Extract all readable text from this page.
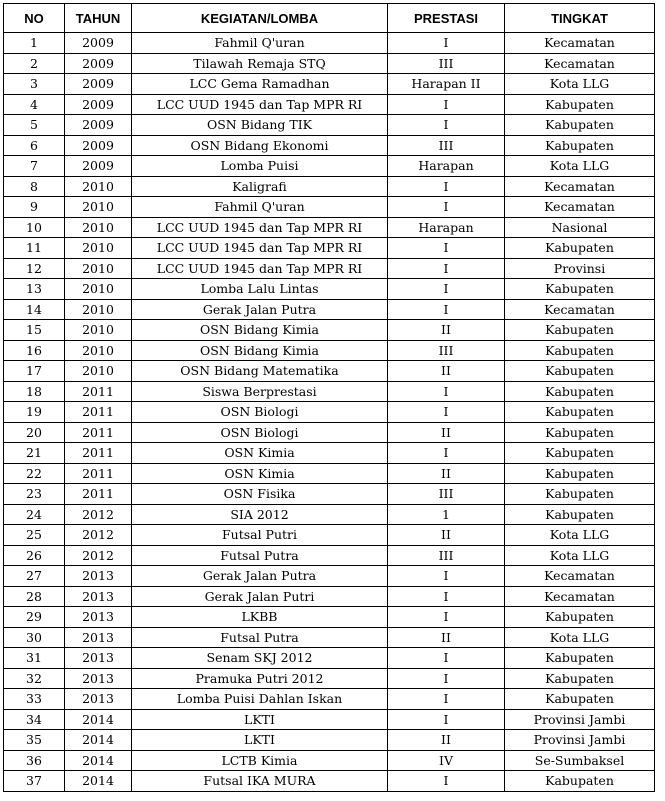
NO	TAHUN	KEGIATAN/LOMBA	PRESTASI	TINGKAT
1	2009	Fahmil Q'uran	I	Kecamatan
2	2009	Tilawah Remaja STQ	III	Kecamatan
3	2009	LCC Gema Ramadhan	Harapan II	Kota LLG
4	2009	LCC UUD 1945 dan Tap MPR RI	I	Kabupaten
5	2009	OSN Bidang TIK	I	Kabupaten
6	2009	OSN Bidang Ekonomi	III	Kabupaten
7	2009	Lomba Puisi	Harapan	Kota LLG
8	2010	Kaligrafi	I	Kecamatan
9	2010	Fahmil Q'uran	I	Kecamatan
10	2010	LCC UUD 1945 dan Tap MPR RI	Harapan	Nasional
11	2010	LCC UUD 1945 dan Tap MPR RI	I	Kabupaten
12	2010	LCC UUD 1945 dan Tap MPR RI	I	Provinsi
13	2010	Lomba Lalu Lintas	I	Kabupaten
14	2010	Gerak Jalan Putra	I	Kecamatan
15	2010	OSN Bidang Kimia	II	Kabupaten
16	2010	OSN Bidang Kimia	III	Kabupaten
17	2010	OSN Bidang Matematika	II	Kabupaten
18	2011	Siswa Berprestasi	I	Kabupaten
19	2011	OSN Biologi	I	Kabupaten
20	2011	OSN Biologi	II	Kabupaten
21	2011	OSN Kimia	I	Kabupaten
22	2011	OSN Kimia	II	Kabupaten
23	2011	OSN Fisika	III	Kabupaten
24	2012	SIA 2012	1	Kabupaten
25	2012	Futsal Putri	II	Kota LLG
26	2012	Futsal Putra	III	Kota LLG
27	2013	Gerak Jalan Putra	I	Kecamatan
28	2013	Gerak Jalan Putri	I	Kecamatan
29	2013	LKBB	I	Kabupaten
30	2013	Futsal Putra	II	Kota LLG
31	2013	Senam SKJ 2012	I	Kabupaten
32	2013	Pramuka Putri 2012	I	Kabupaten
33	2013	Lomba Puisi Dahlan Iskan	I	Kabupaten
34	2014	LKTI	I	Provinsi Jambi
35	2014	LKTI	II	Provinsi Jambi
36	2014	LCTB Kimia	IV	Se-Sumbaksel
37	2014	Futsal IKA MURA	I	Kabupaten
